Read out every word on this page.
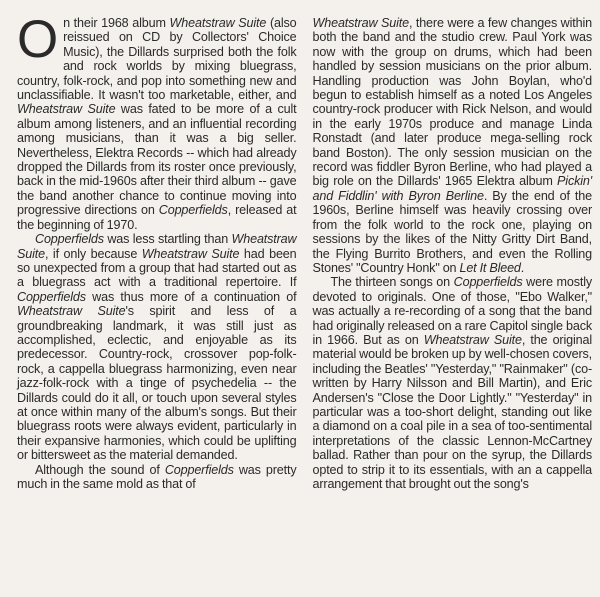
On their 1968 album Wheatstraw Suite (also reissued on CD by Collectors' Choice Music), the Dillards surprised both the folk and rock worlds by mixing bluegrass, country, folk-rock, and pop into something new and unclassifiable. It wasn't too marketable, either, and Wheatstraw Suite was fated to be more of a cult album among listeners, and an influential recording among musicians, than it was a big seller. Nevertheless, Elektra Records -- which had already dropped the Dillards from its roster once previously, back in the mid-1960s after their third album -- gave the band another chance to continue moving into progressive directions on Copperfields, released at the beginning of 1970.

Copperfields was less startling than Wheatstraw Suite, if only because Wheatstraw Suite had been so unexpected from a group that had started out as a bluegrass act with a traditional repertoire. If Copperfields was thus more of a continuation of Wheatstraw Suite's spirit and less of a groundbreaking landmark, it was still just as accomplished, eclectic, and enjoyable as its predecessor. Country-rock, crossover pop-folk-rock, a cappella bluegrass harmonizing, even near jazz-folk-rock with a tinge of psychedelia -- the Dillards could do it all, or touch upon several styles at once within many of the album's songs. But their bluegrass roots were always evident, particularly in their expansive harmonies, which could be uplifting or bittersweet as the material demanded.

Although the sound of Copperfields was pretty much in the same mold as that of

Wheatstraw Suite, there were a few changes within both the band and the studio crew. Paul York was now with the group on drums, which had been handled by session musicians on the prior album. Handling production was John Boylan, who'd begun to establish himself as a noted Los Angeles country-rock producer with Rick Nelson, and would in the early 1970s produce and manage Linda Ronstadt (and later produce mega-selling rock band Boston). The only session musician on the record was fiddler Byron Berline, who had played a big role on the Dillards' 1965 Elektra album Pickin' and Fiddlin' with Byron Berline. By the end of the 1960s, Berline himself was heavily crossing over from the folk world to the rock one, playing on sessions by the likes of the Nitty Gritty Dirt Band, the Flying Burrito Brothers, and even the Rolling Stones' "Country Honk" on Let It Bleed.

The thirteen songs on Copperfields were mostly devoted to originals. One of those, "Ebo Walker," was actually a re-recording of a song that the band had originally released on a rare Capitol single back in 1966. But as on Wheatstraw Suite, the original material would be broken up by well-chosen covers, including the Beatles' "Yesterday," "Rainmaker" (co-written by Harry Nilsson and Bill Martin), and Eric Andersen's "Close the Door Lightly." "Yesterday" in particular was a too-short delight, standing out like a diamond on a coal pile in a sea of too-sentimental interpretations of the classic Lennon-McCartney ballad. Rather than pour on the syrup, the Dillards opted to strip it to its essentials, with an a cappella arrangement that brought out the song's
